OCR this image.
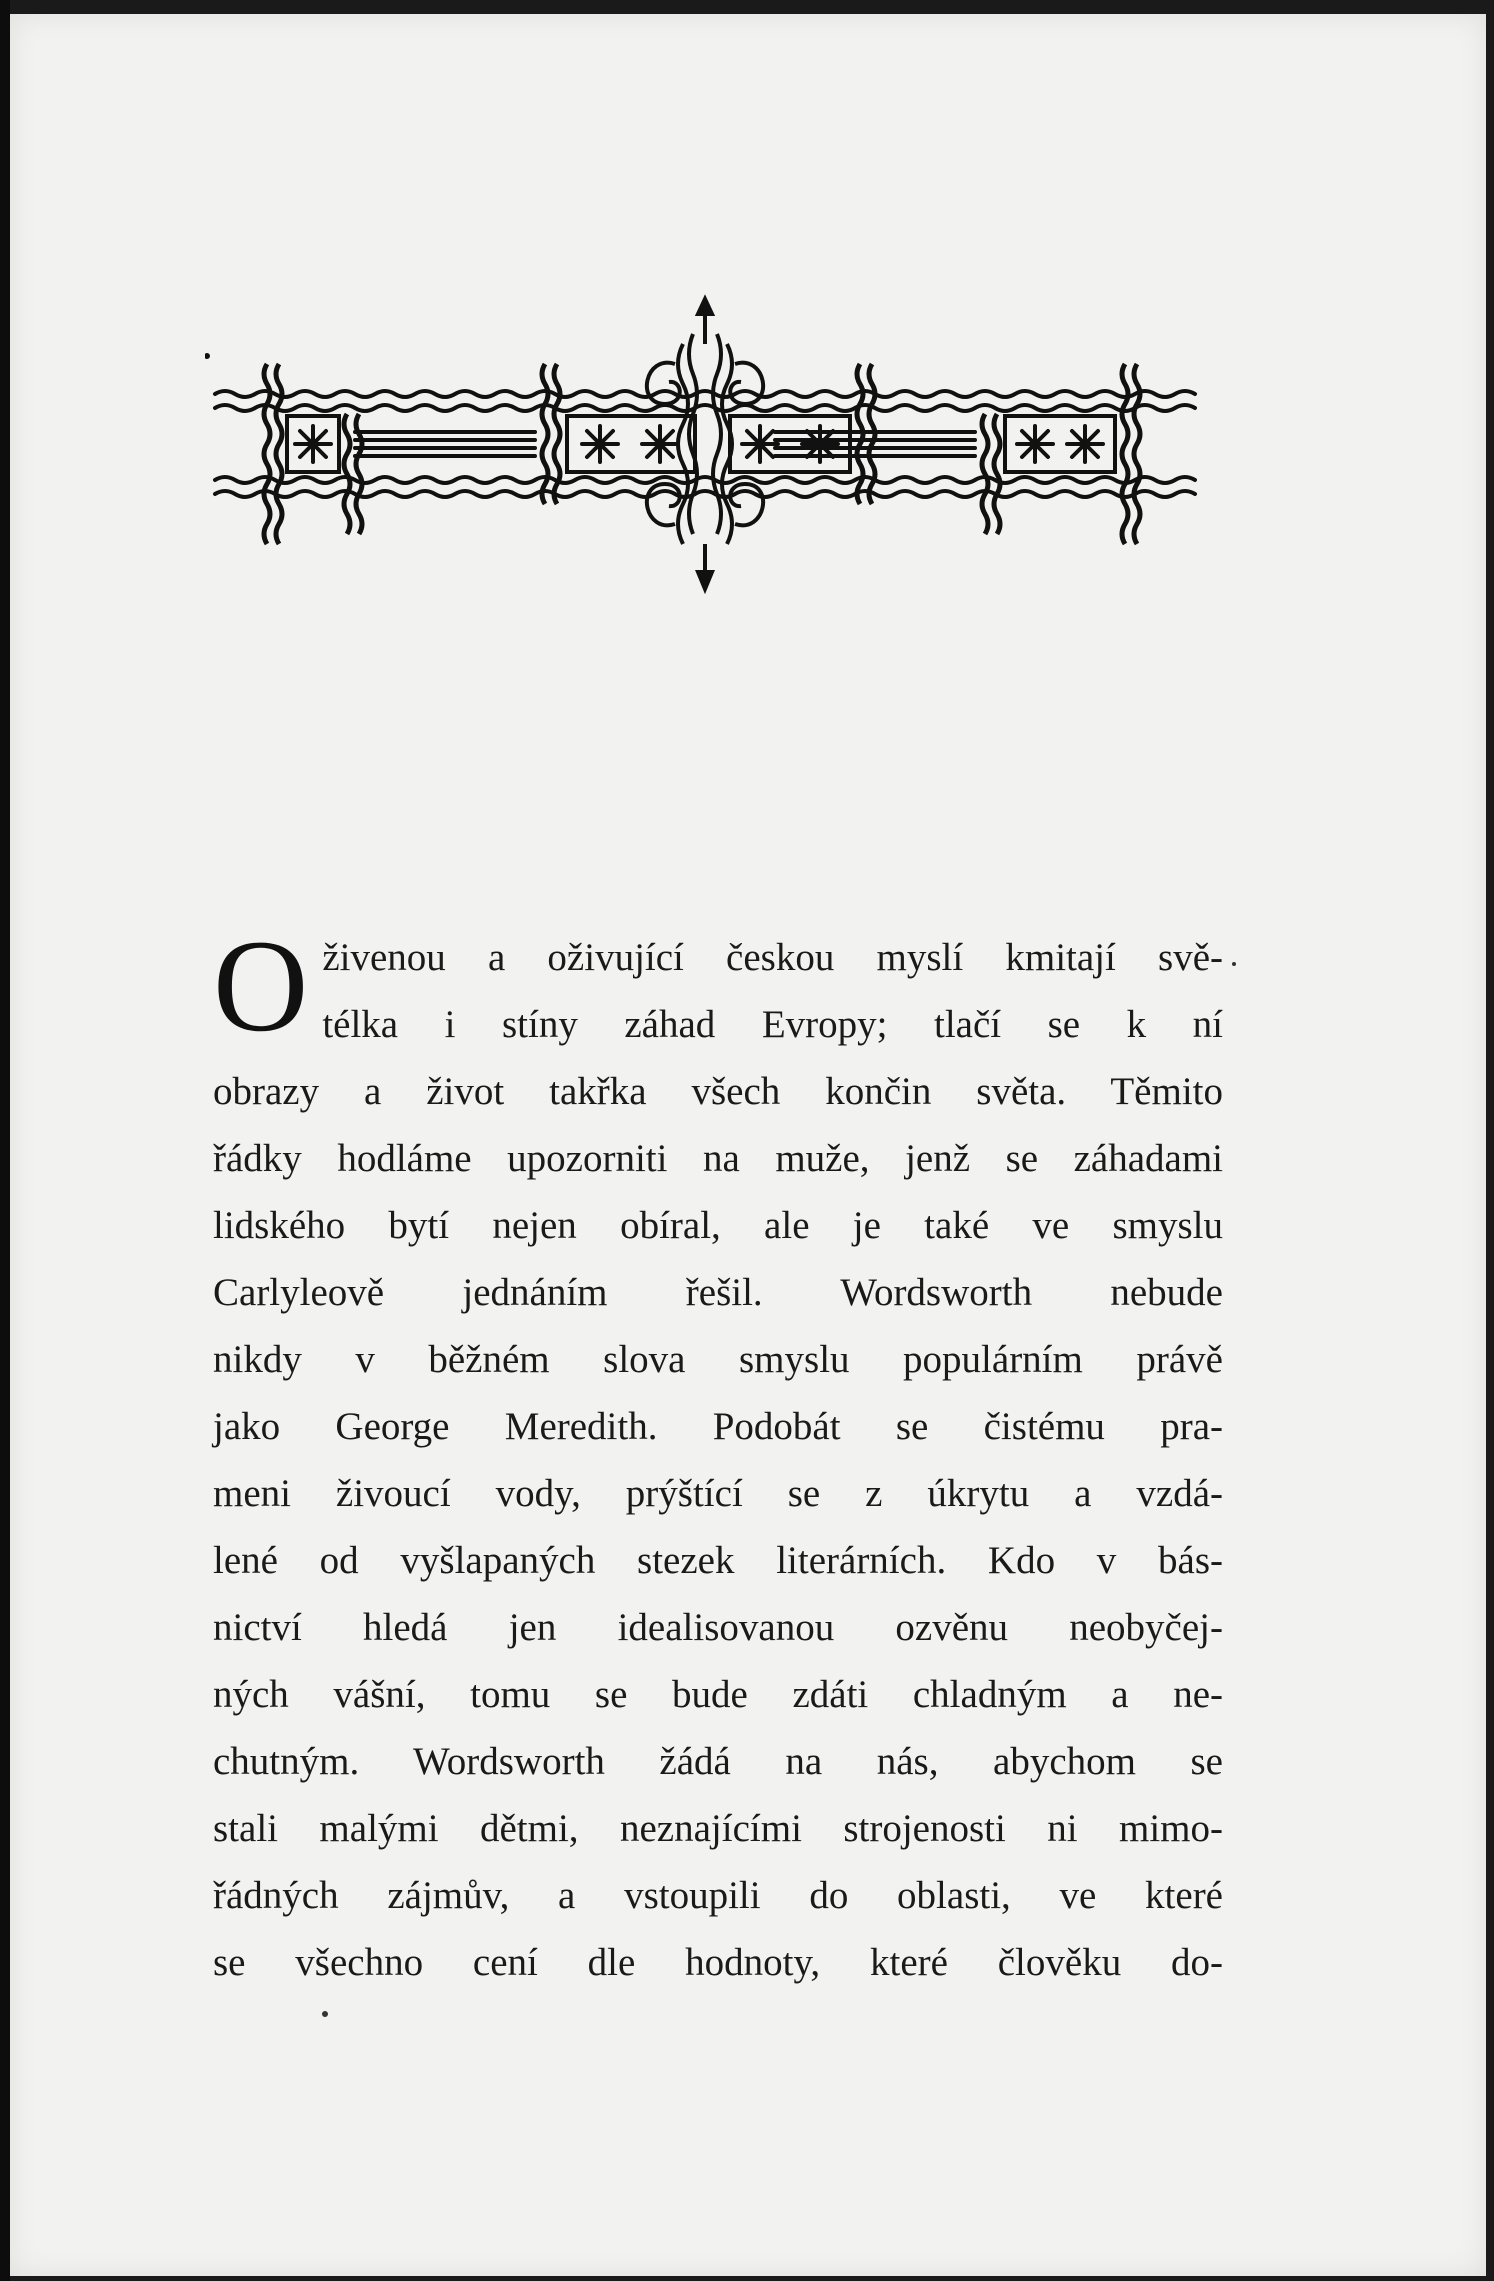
O živenou a oživující českou myslí kmitají svě-
télka i stíny záhad Evropy; tlačí se k ní
obrazy a život takřka všech končin světa. Těmito
řádky hodláme upozorniti na muže, jenž se záhadami
lidského bytí nejen obíral, ale je také ve smyslu
Carlyleově jednáním řešil. Wordsworth nebude
nikdy v běžném slova smyslu populárním právě
jako George Meredith. Podobát se čistému pra-
meni živoucí vody, prýštící se z úkrytu a vzdá-
lené od vyšlapaných stezek literárních. Kdo v bás-
nictví hledá jen idealisovanou ozvěnu neobyčej-
ných vášní, tomu se bude zdáti chladným a ne-
chutným. Wordsworth žádá na nás, abychom se
stali malými dětmi, neznajícími strojenosti ni mimo-
řádných zájmův, a vstoupili do oblasti, ve které
se všechno cení dle hodnoty, které člověku do-
